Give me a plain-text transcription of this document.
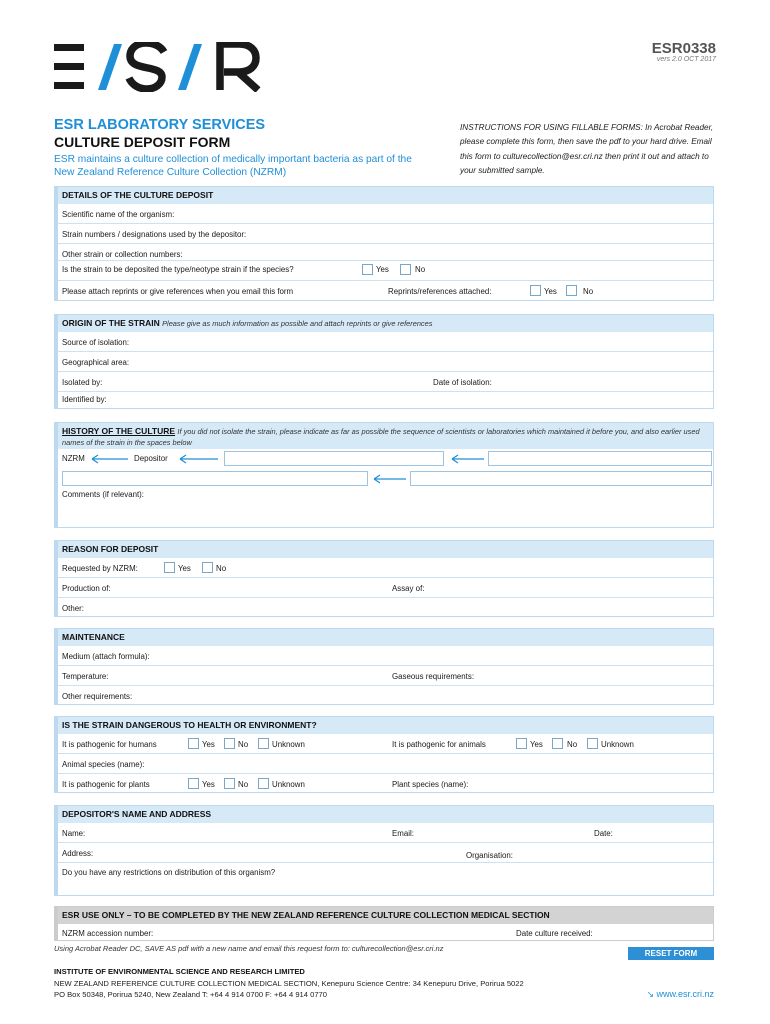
ESR0338
vers 2.0 OCT 2017
ESR LABORATORY SERVICES
CULTURE DEPOSIT FORM
ESR maintains a culture collection of medically important bacteria as part of the New Zealand Reference Culture Collection (NZRM)
INSTRUCTIONS FOR USING FILLABLE FORMS: In Acrobat Reader, please complete this form, then save the pdf to your hard drive. Email this form to culturecollection@esr.cri.nz then print it out and attach to your submitted sample.
DETAILS OF THE CULTURE DEPOSIT
Scientific name of the organism:
Strain numbers / designations used by the depositor:
Other strain or collection numbers:
Is the strain to be deposited the type/neotype strain if the species?	Yes	No
Please attach reprints or give references when you email this form	Reprints/references attached:	Yes	No
ORIGIN OF THE STRAIN Please give as much information as possible and attach reprints or give references
Source of isolation:
Geographical area:
Isolated by:	Date of isolation:
Identified by:
HISTORY OF THE CULTURE If you did not isolate the strain, please indicate as far as possible the sequence of scientists or laboratories which maintained it before you, and also earlier used names of the strain in the spaces below
NZRM	Depositor
Comments (if relevant):
REASON FOR DEPOSIT
Requested by NZRM:	Yes	No
Production of:	Assay of:
Other:
MAINTENANCE
Medium (attach formula):
Temperature:	Gaseous requirements:
Other requirements:
IS THE STRAIN DANGEROUS TO HEALTH OR ENVIRONMENT?
It is pathogenic for humans	Yes	No	Unknown	It is pathogenic for animals	Yes	No	Unknown
Animal species (name):
It is pathogenic for plants	Yes	No	Unknown	Plant species (name):
DEPOSITOR'S NAME AND ADDRESS
Name:	Email:	Date:
Address:	Organisation:
Do you have any restrictions on distribution of this organism?
ESR USE ONLY – TO BE COMPLETED BY THE NEW ZEALAND REFERENCE CULTURE COLLECTION MEDICAL SECTION
NZRM accession number:	Date culture received:
Using Acrobat Reader DC, SAVE AS pdf with a new name and email this request form to: culturecollection@esr.cri.nz
RESET FORM
INSTITUTE OF ENVIRONMENTAL SCIENCE AND RESEARCH LIMITED
NEW ZEALAND REFERENCE CULTURE COLLECTION MEDICAL SECTION, Kenepuru Science Centre: 34 Kenepuru Drive, Porirua 5022
PO Box 50348, Porirua 5240, New Zealand T: +64 4 914 0700 F: +64 4 914 0770	↘ www.esr.cri.nz
